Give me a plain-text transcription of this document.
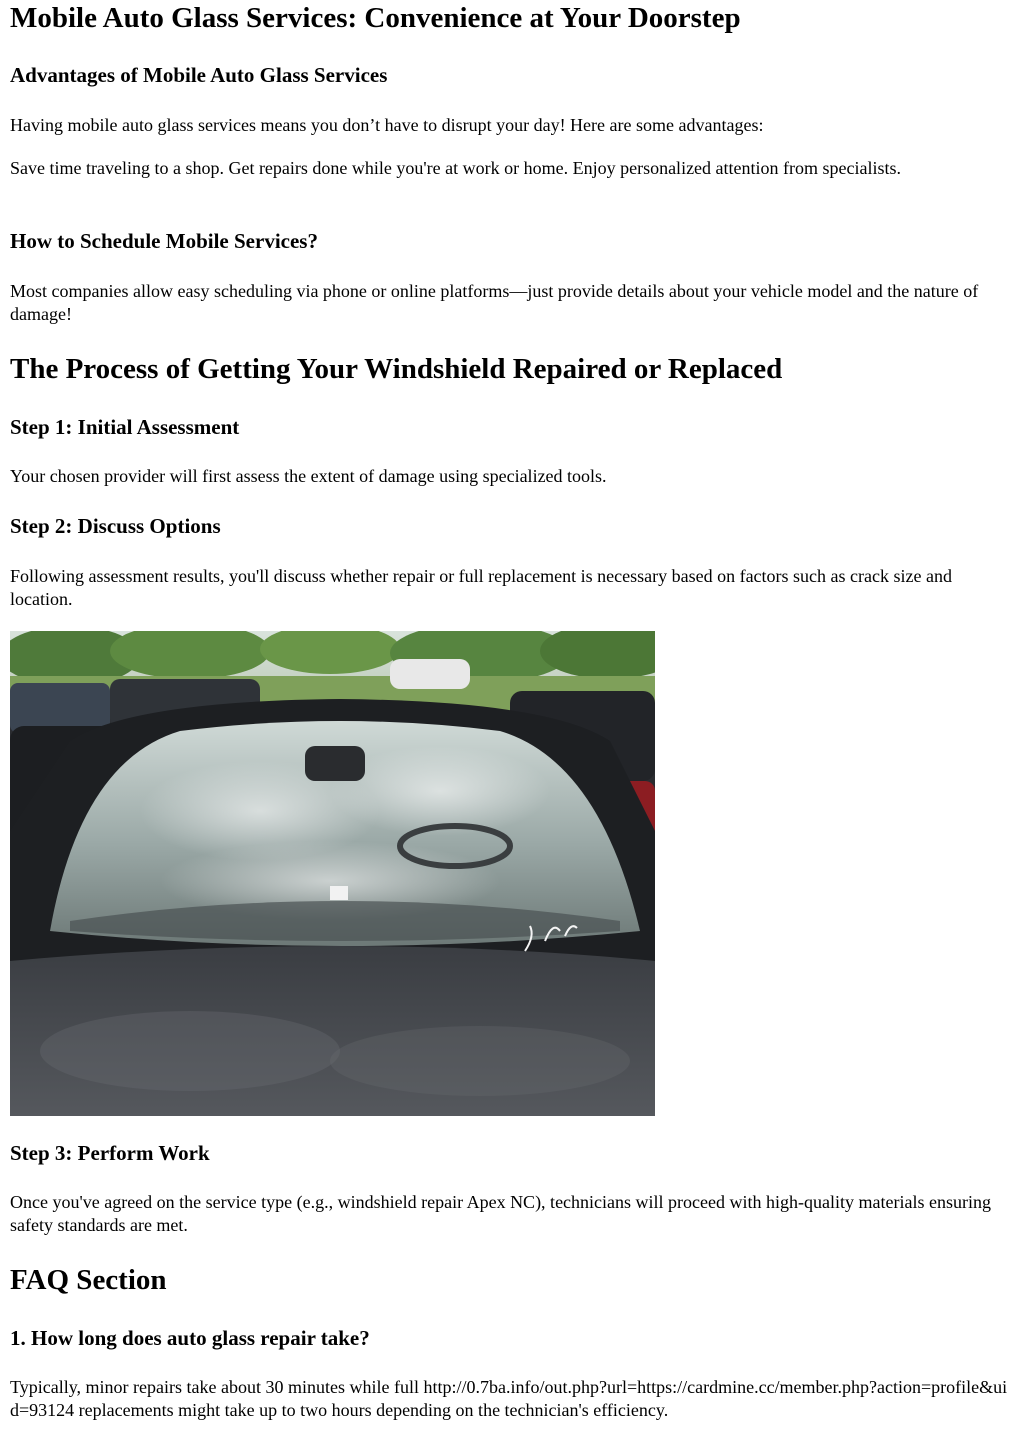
Mobile Auto Glass Services: Convenience at Your Doorstep
Advantages of Mobile Auto Glass Services

Having mobile auto glass services means you don’t have to disrupt your day! Here are some advantages:

Save time traveling to a shop. Get repairs done while you're at work or home. Enjoy personalized attention from specialists.

How to Schedule Mobile Services?

Most companies allow easy scheduling via phone or online platforms—just provide details about your vehicle model and the nature of damage!

The Process of Getting Your Windshield Repaired or Replaced
Step 1: Initial Assessment

Your chosen provider will first assess the extent of damage using specialized tools.

Step 2: Discuss Options

Following assessment results, you'll discuss whether repair or full replacement is necessary based on factors such as crack size and location.

Step 3: Perform Work

Once you've agreed on the service type (e.g., windshield repair Apex NC), technicians will proceed with high-quality materials ensuring safety standards are met.

FAQ Section
1. How long does auto glass repair take?

Typically, minor repairs take about 30 minutes while full http://0.7ba.info/out.php?url=https://cardmine.cc/member.php?action=profile&uid=93124 replacements might take up to two hours depending on the technician's efficiency.
